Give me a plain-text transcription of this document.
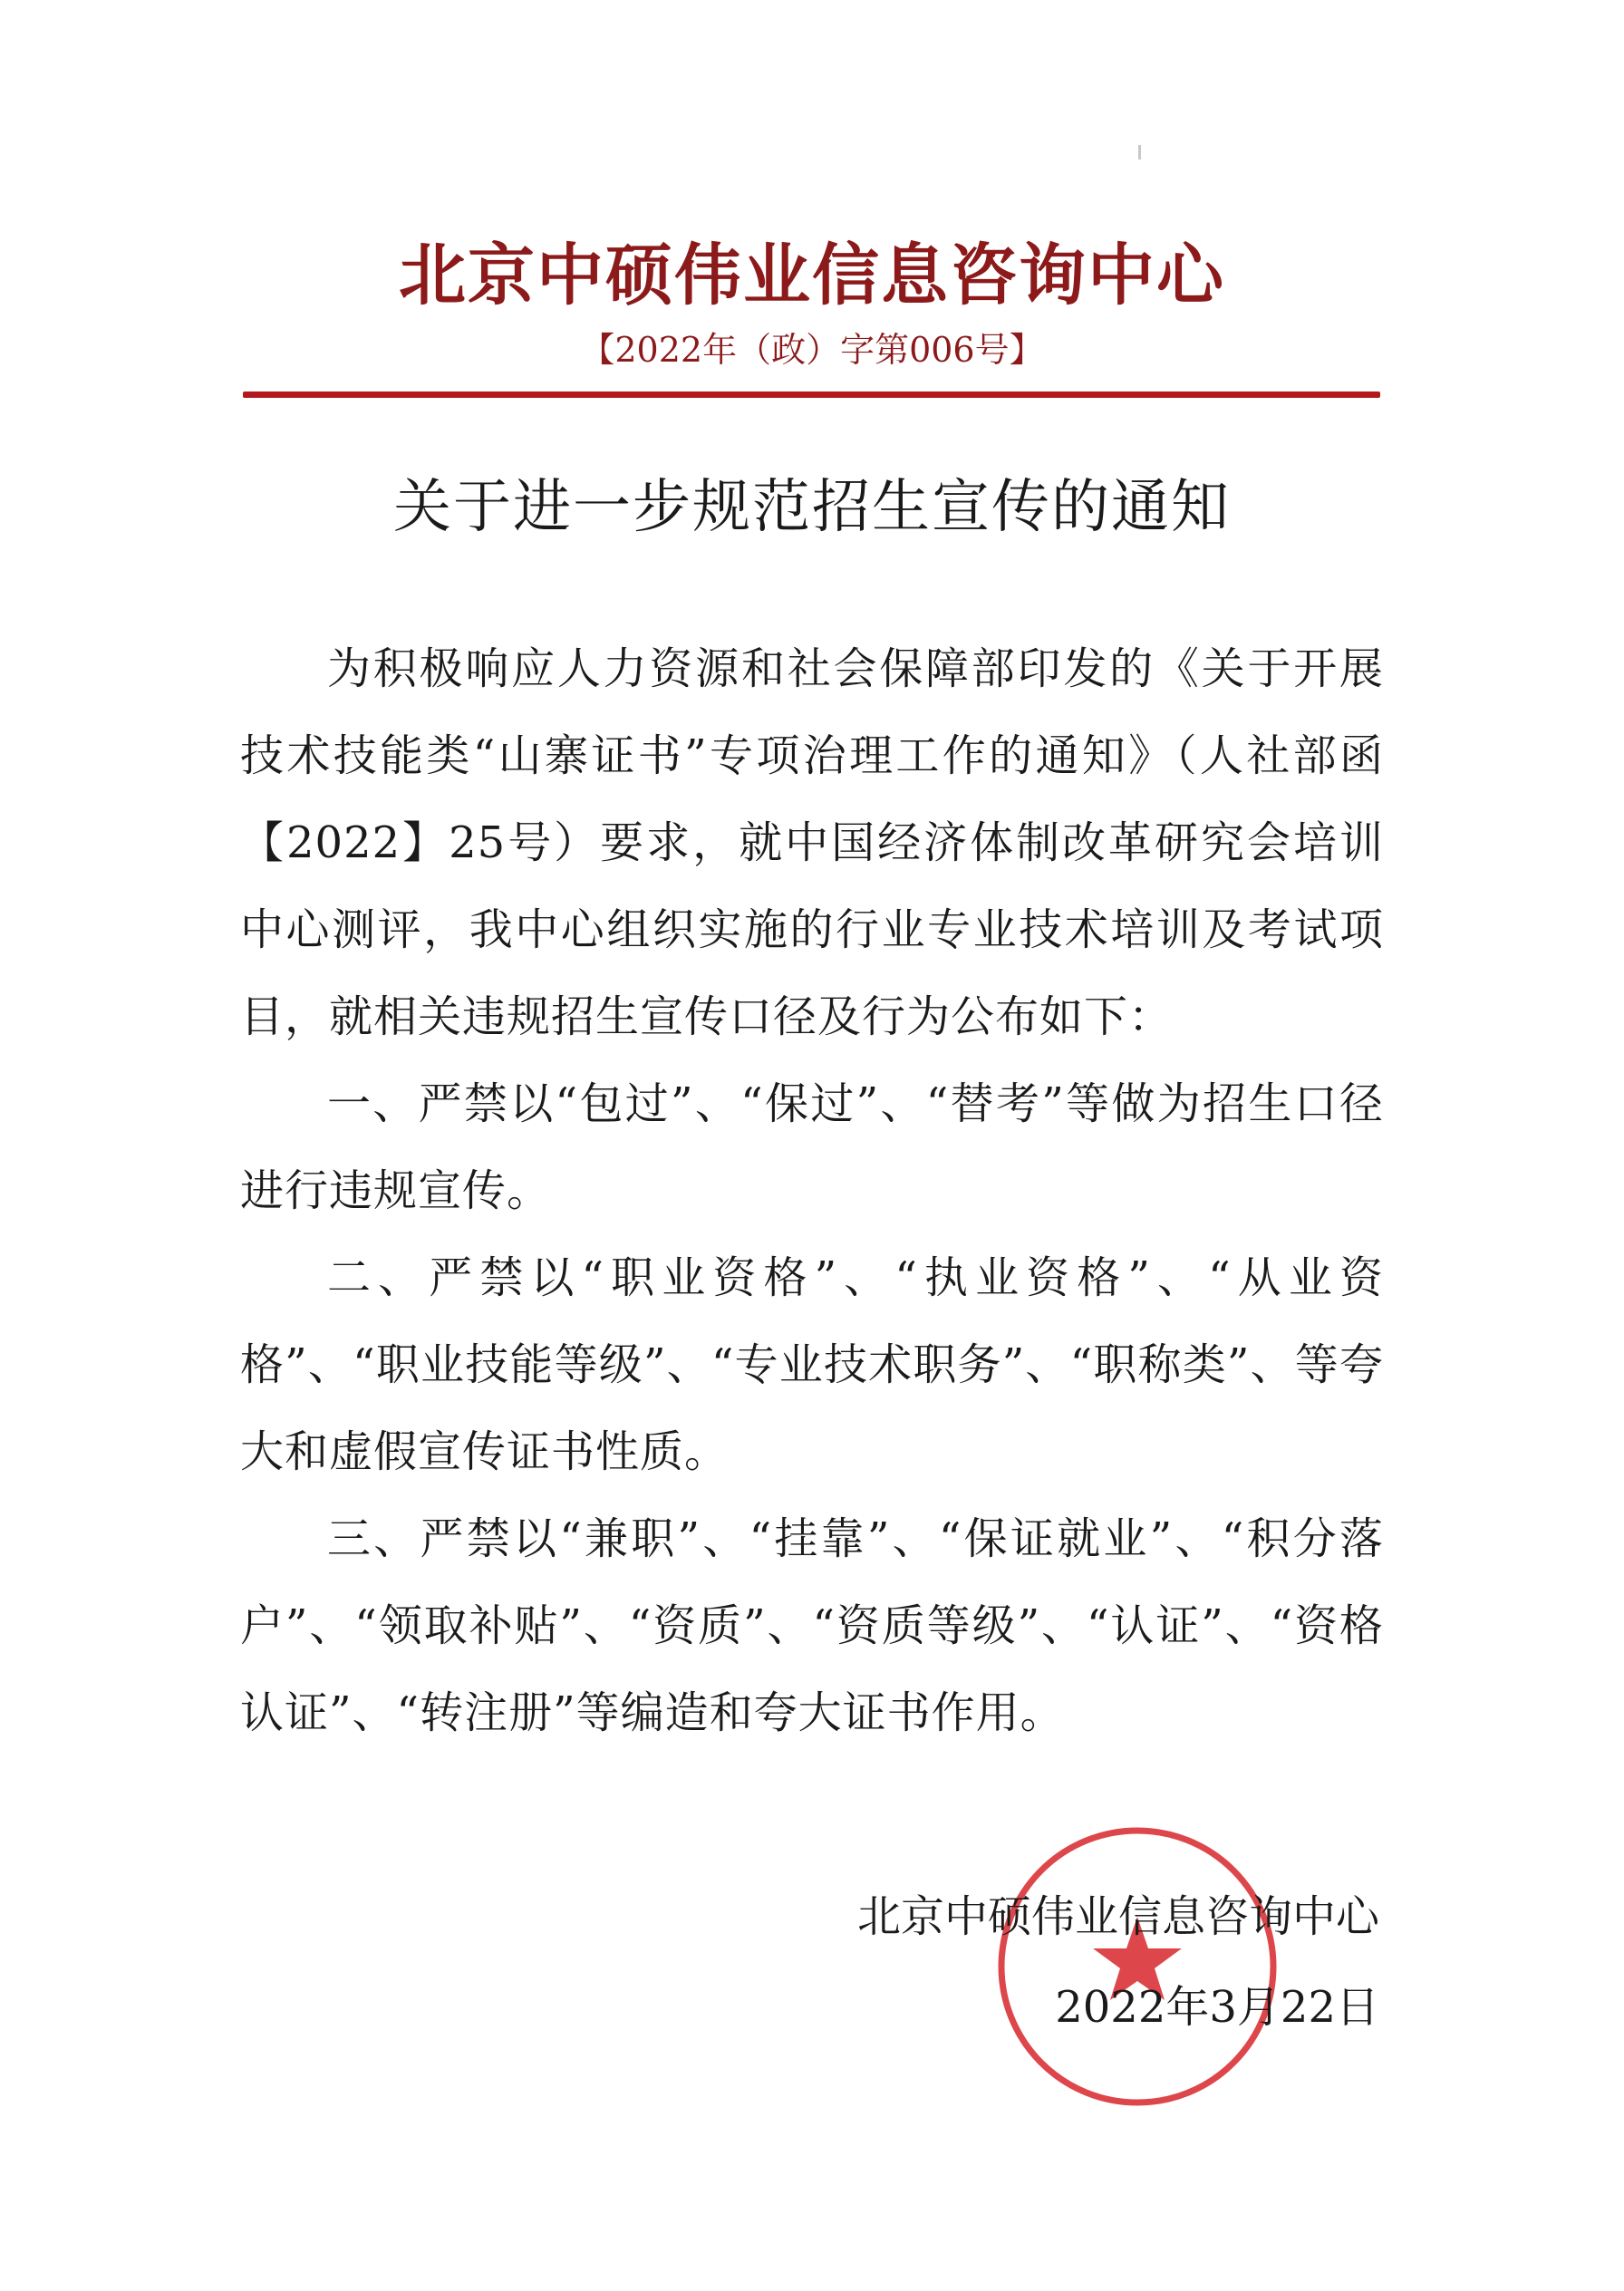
北京中硕伟业信息咨询中心
【2022年（政）字第006号】
关于进一步规范招生宣传的通知

为积极响应人力资源和社会保障部印发的《关于开展技术技能类“山寨证书”专项治理工作的通知》（人社部函【2022】25号）要求，就中国经济体制改革研究会培训中心测评，我中心组织实施的行业专业技术培训及考试项目，就相关违规招生宣传口径及行为公布如下：

一、严禁以“包过”、“保过”、“替考”等做为招生口径进行违规宣传。

二、严禁以“职业资格”、“执业资格”、“从业资格”、“职业技能等级”、“专业技术职务”、“职称类”、等夸大和虚假宣传证书性质。

三、严禁以“兼职”、“挂靠”、“保证就业”、“积分落户”、“领取补贴”、“资质”、“资质等级”、“认证”、“资格认证”、“转注册”等编造和夸大证书作用。

北京中硕伟业信息咨询中心
2022年3月22日
